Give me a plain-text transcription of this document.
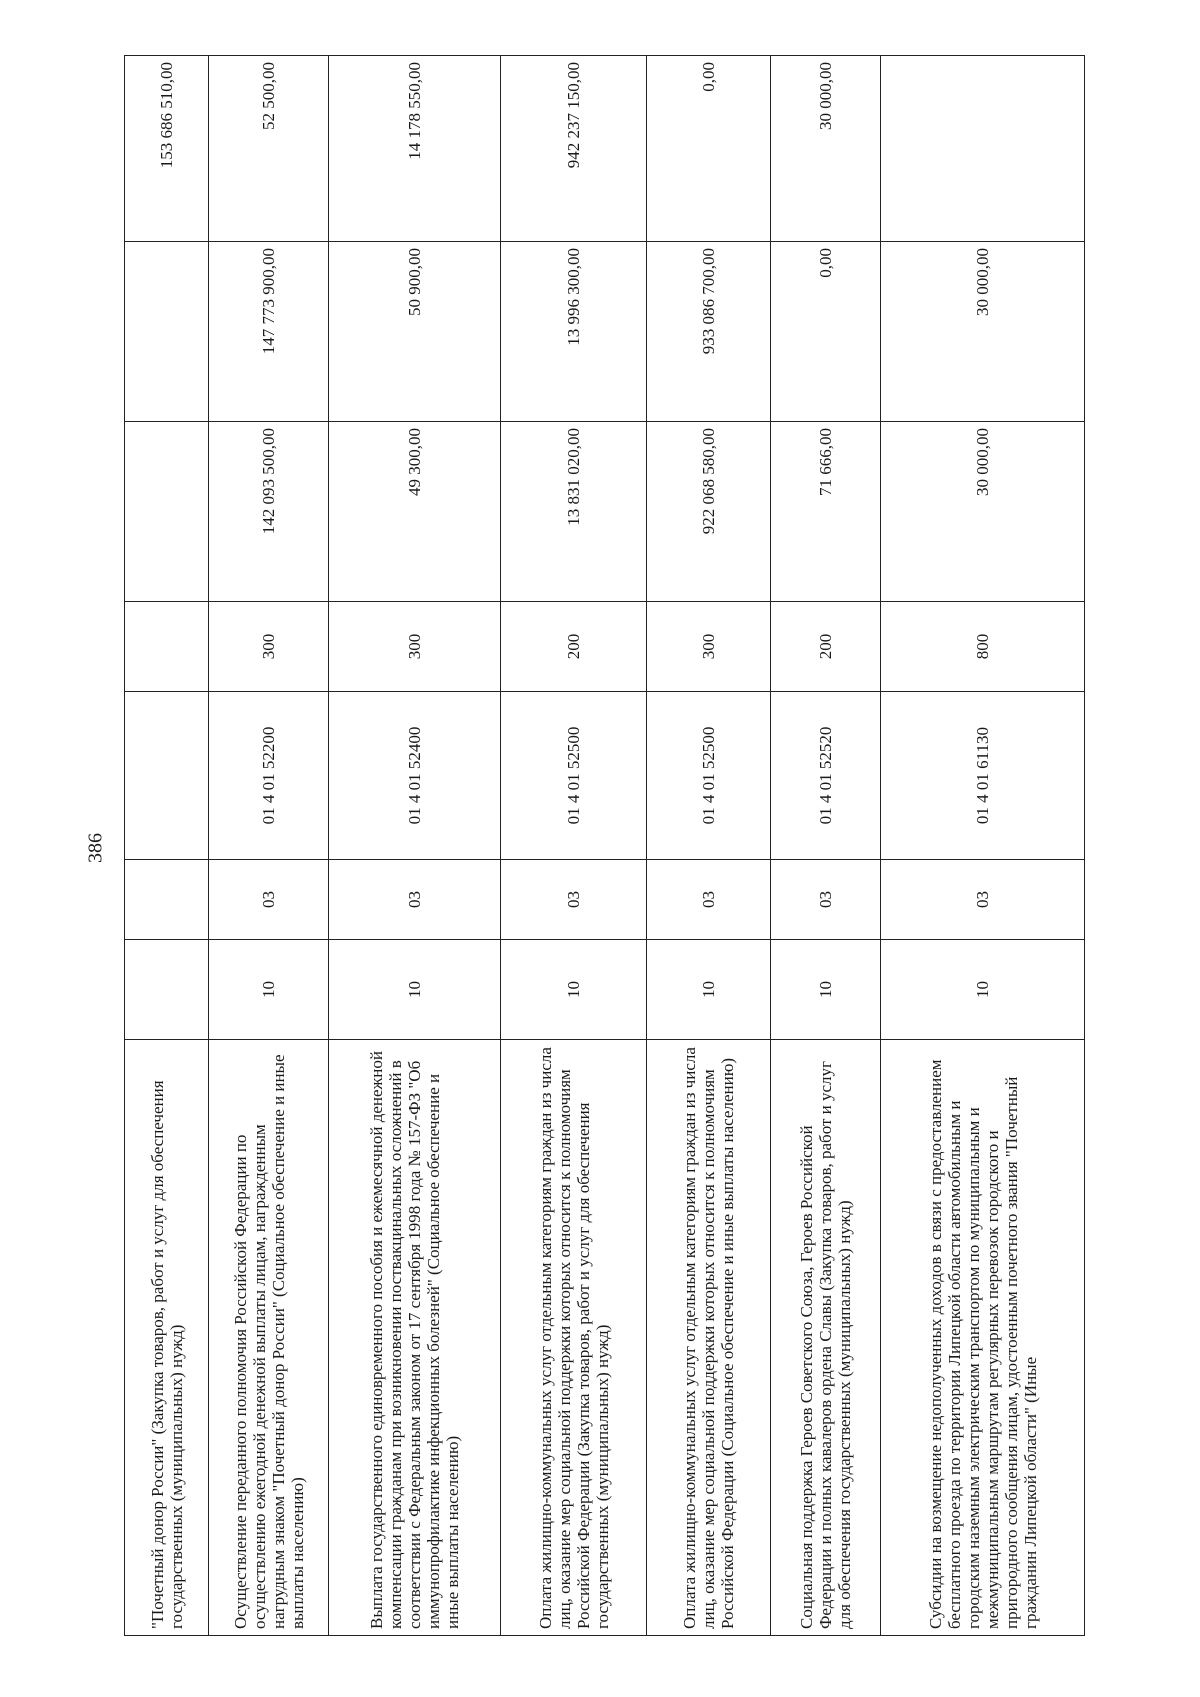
386
"Почетный донор России" (Закупка товаров, работ и услуг для обеспечения государственных (муниципальных) нужд)							153 686 510,00
Осуществление переданного полномочия Российской Федерации по осуществлению ежегодной денежной выплаты лицам, награжденным нагрудным знаком "Почетный донор России" (Социальное обеспечение и иные выплаты населению)	10	03	01 4 01 52200	300	142 093 500,00	147 773 900,00	52 500,00
Выплата государственного единовременного пособия и ежемесячной денежной компенсации гражданам при возникновении поствакцинальных осложнений в соответствии с Федеральным законом от 17 сентября 1998 года № 157-ФЗ "Об иммунопрофилактике инфекционных болезней" (Социальное обеспечение и иные выплаты населению)	10	03	01 4 01 52400	300	49 300,00	50 900,00	14 178 550,00
Оплата жилищно-коммунальных услуг отдельным категориям граждан из числа лиц, оказание мер социальной поддержки которых относится к полномочиям Российской Федерации (Закупка товаров, работ и услуг для обеспечения государственных (муниципальных) нужд)	10	03	01 4 01 52500	200	13 831 020,00	13 996 300,00	942 237 150,00
Оплата жилищно-коммунальных услуг отдельным категориям граждан из числа лиц, оказание мер социальной поддержки которых относится к полномочиям Российской Федерации (Социальное обеспечение и иные выплаты населению)	10	03	01 4 01 52500	300	922 068 580,00	933 086 700,00	0,00
Социальная поддержка Героев Советского Союза, Героев Российской Федерации и полных кавалеров ордена Славы (Закупка товаров, работ и услуг для обеспечения государственных (муниципальных) нужд)	10	03	01 4 01 52520	200	71 666,00	0,00	30 000,00
Субсидии на возмещение недополученных доходов в связи с предоставлением бесплатного проезда по территории Липецкой области автомобильным и городским наземным электрическим транспортом по муниципальным и межмуниципальным маршрутам регулярных перевозок городского и пригородного сообщения лицам, удостоенным почетного звания "Почетный гражданин Липецкой области" (Иные	10	03	01 4 01 61130	800	30 000,00	30 000,00	
